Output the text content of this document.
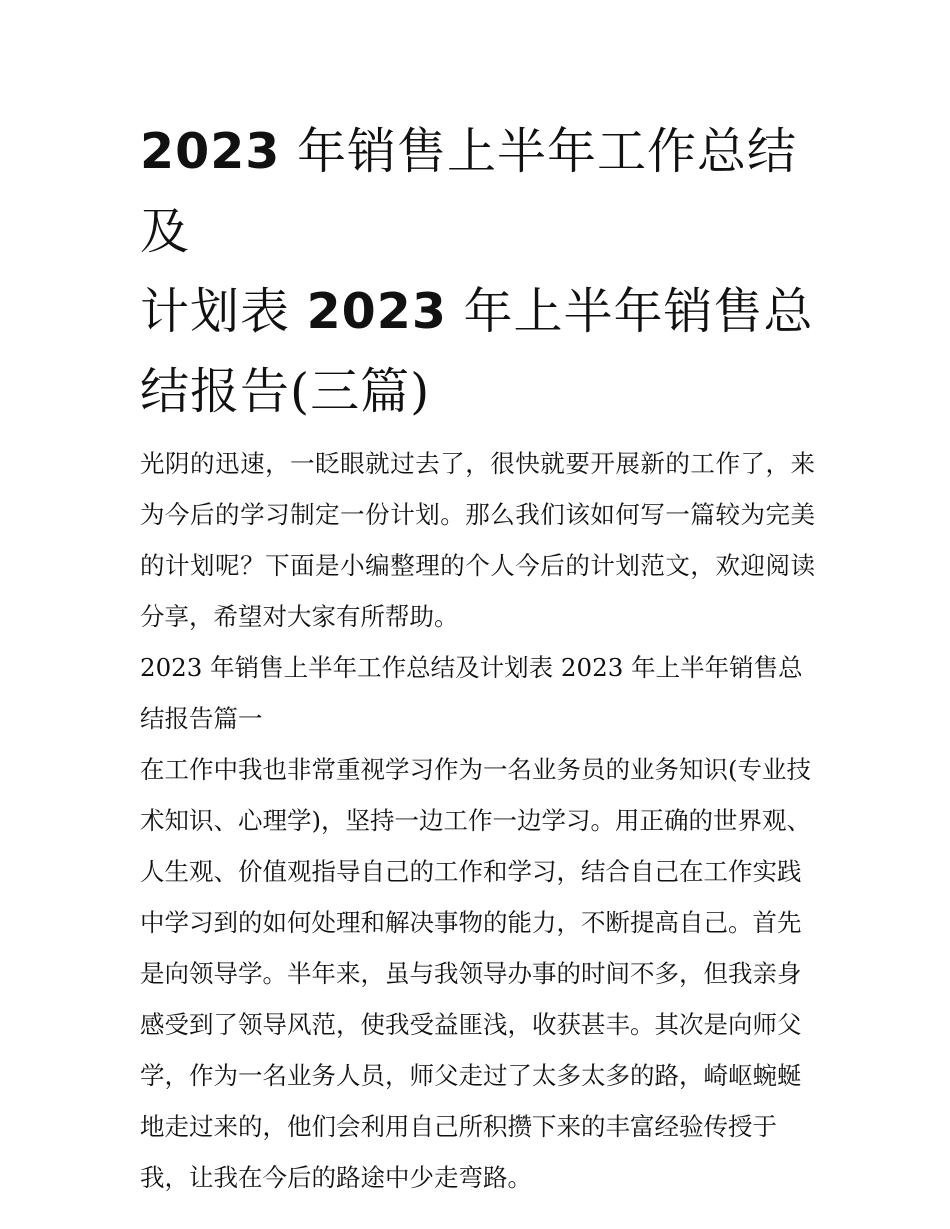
2023 年销售上半年工作总结及
计划表 2023 年上半年销售总
结报告(三篇)

光阴的迅速，一眨眼就过去了，很快就要开展新的工作了，来为今后的学习制定一份计划。那么我们该如何写一篇较为完美的计划呢？下面是小编整理的个人今后的计划范文，欢迎阅读分享，希望对大家有所帮助。

2023 年销售上半年工作总结及计划表 2023 年上半年销售总结报告篇一

在工作中我也非常重视学习作为一名业务员的业务知识(专业技术知识、心理学)，坚持一边工作一边学习。用正确的世界观、人生观、价值观指导自己的工作和学习，结合自己在工作实践中学习到的如何处理和解决事物的能力，不断提高自己。首先是向领导学。半年来，虽与我领导办事的时间不多，但我亲身感受到了领导风范，使我受益匪浅，收获甚丰。其次是向师父学，作为一名业务人员，师父走过了太多太多的路，崎岖蜿蜒地走过来的，他们会利用自己所积攒下来的丰富经验传授于我，让我在今后的路途中少走弯路。
